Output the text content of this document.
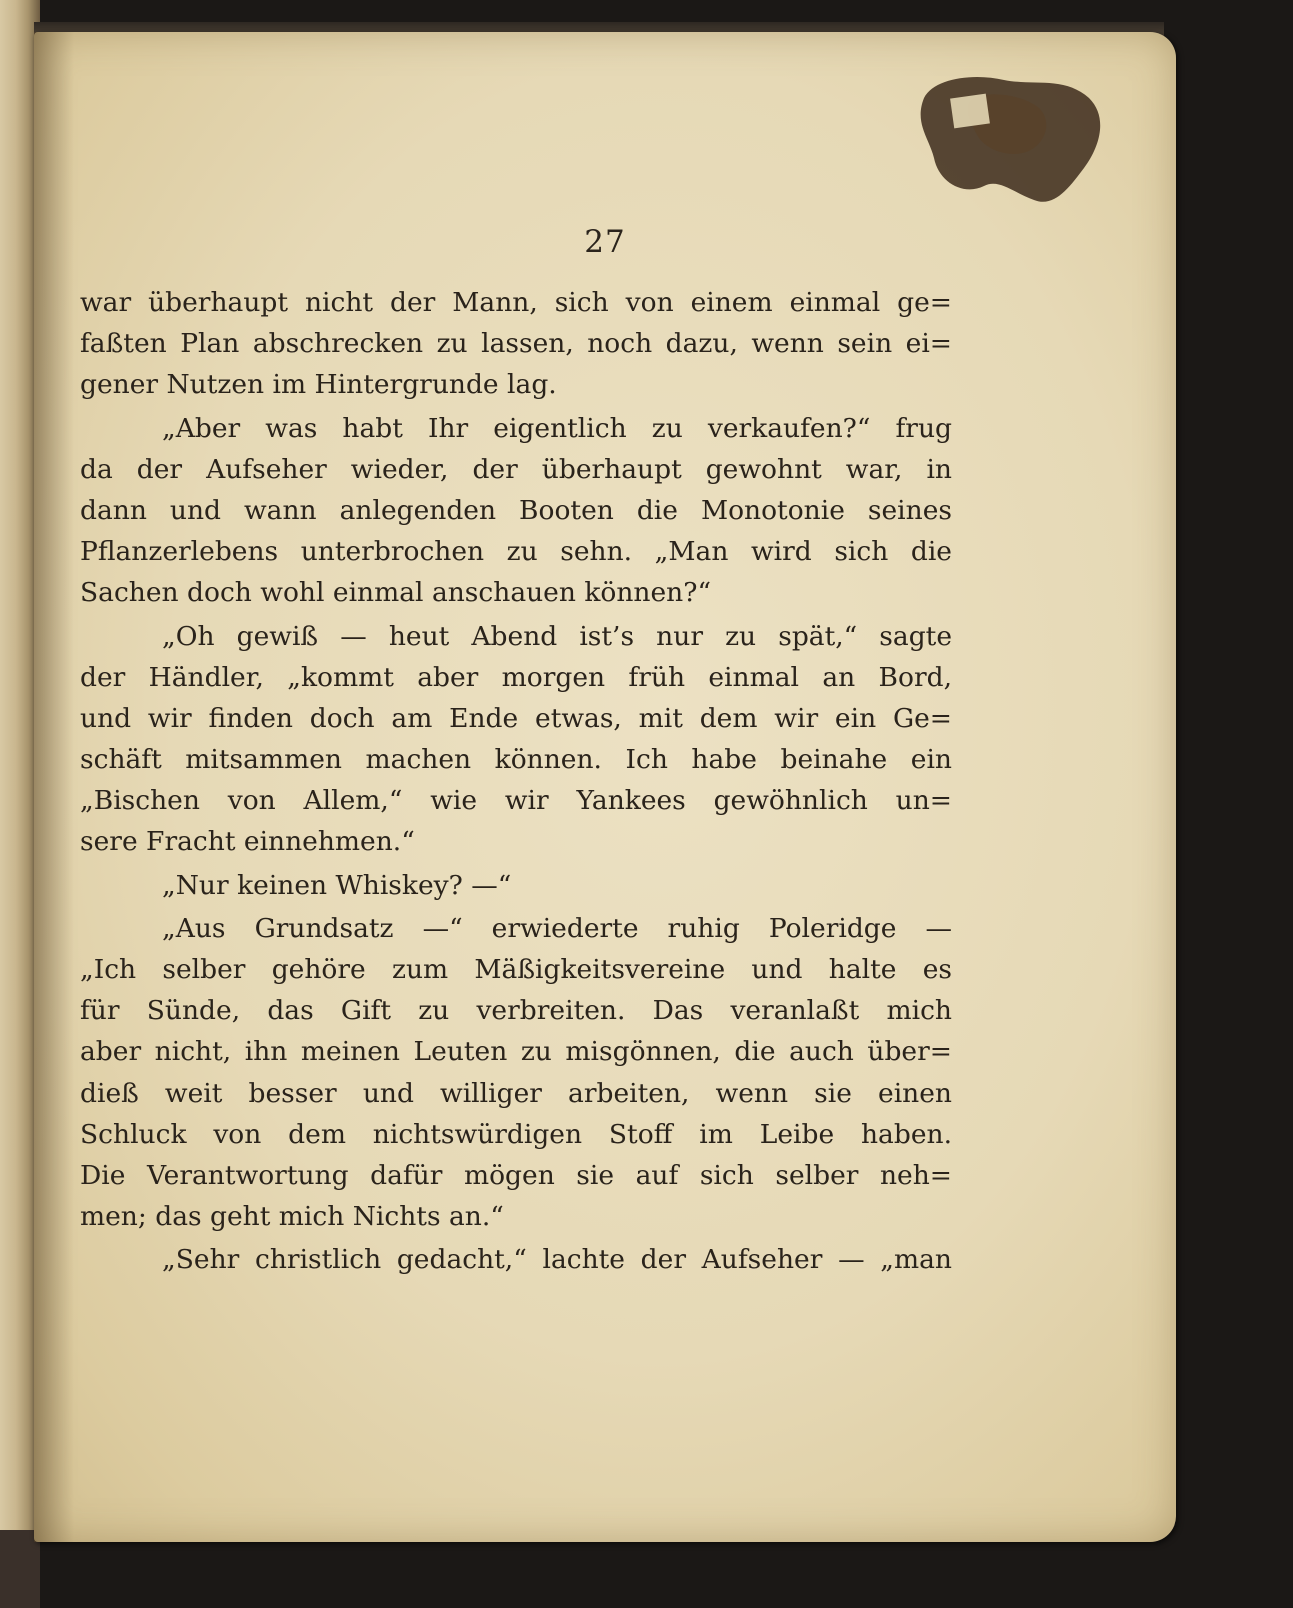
27
war überhaupt nicht der Mann, sich von einem einmal ge=
faßten Plan abschrecken zu lassen, noch dazu, wenn sein ei=
gener Nutzen im Hintergrunde lag.
„Aber was habt Ihr eigentlich zu verkaufen?“ frug
da der Aufseher wieder, der überhaupt gewohnt war, in
dann und wann anlegenden Booten die Monotonie seines
Pflanzerlebens unterbrochen zu sehn. „Man wird sich die
Sachen doch wohl einmal anschauen können?“
„Oh gewiß — heut Abend ist’s nur zu spät,“ sagte
der Händler, „kommt aber morgen früh einmal an Bord,
und wir finden doch am Ende etwas, mit dem wir ein Ge=
schäft mitsammen machen können. Ich habe beinahe ein
„Bischen von Allem,“ wie wir Yankees gewöhnlich un=
sere Fracht einnehmen.“
„Nur keinen Whiskey? —“
„Aus Grundsatz —“ erwiederte ruhig Poleridge —
„Ich selber gehöre zum Mäßigkeitsvereine und halte es
für Sünde, das Gift zu verbreiten. Das veranlaßt mich
aber nicht, ihn meinen Leuten zu misgönnen, die auch über=
dieß weit besser und williger arbeiten, wenn sie einen
Schluck von dem nichtswürdigen Stoff im Leibe haben.
Die Verantwortung dafür mögen sie auf sich selber neh=
men; das geht mich Nichts an.“
„Sehr christlich gedacht,“ lachte der Aufseher — „man
